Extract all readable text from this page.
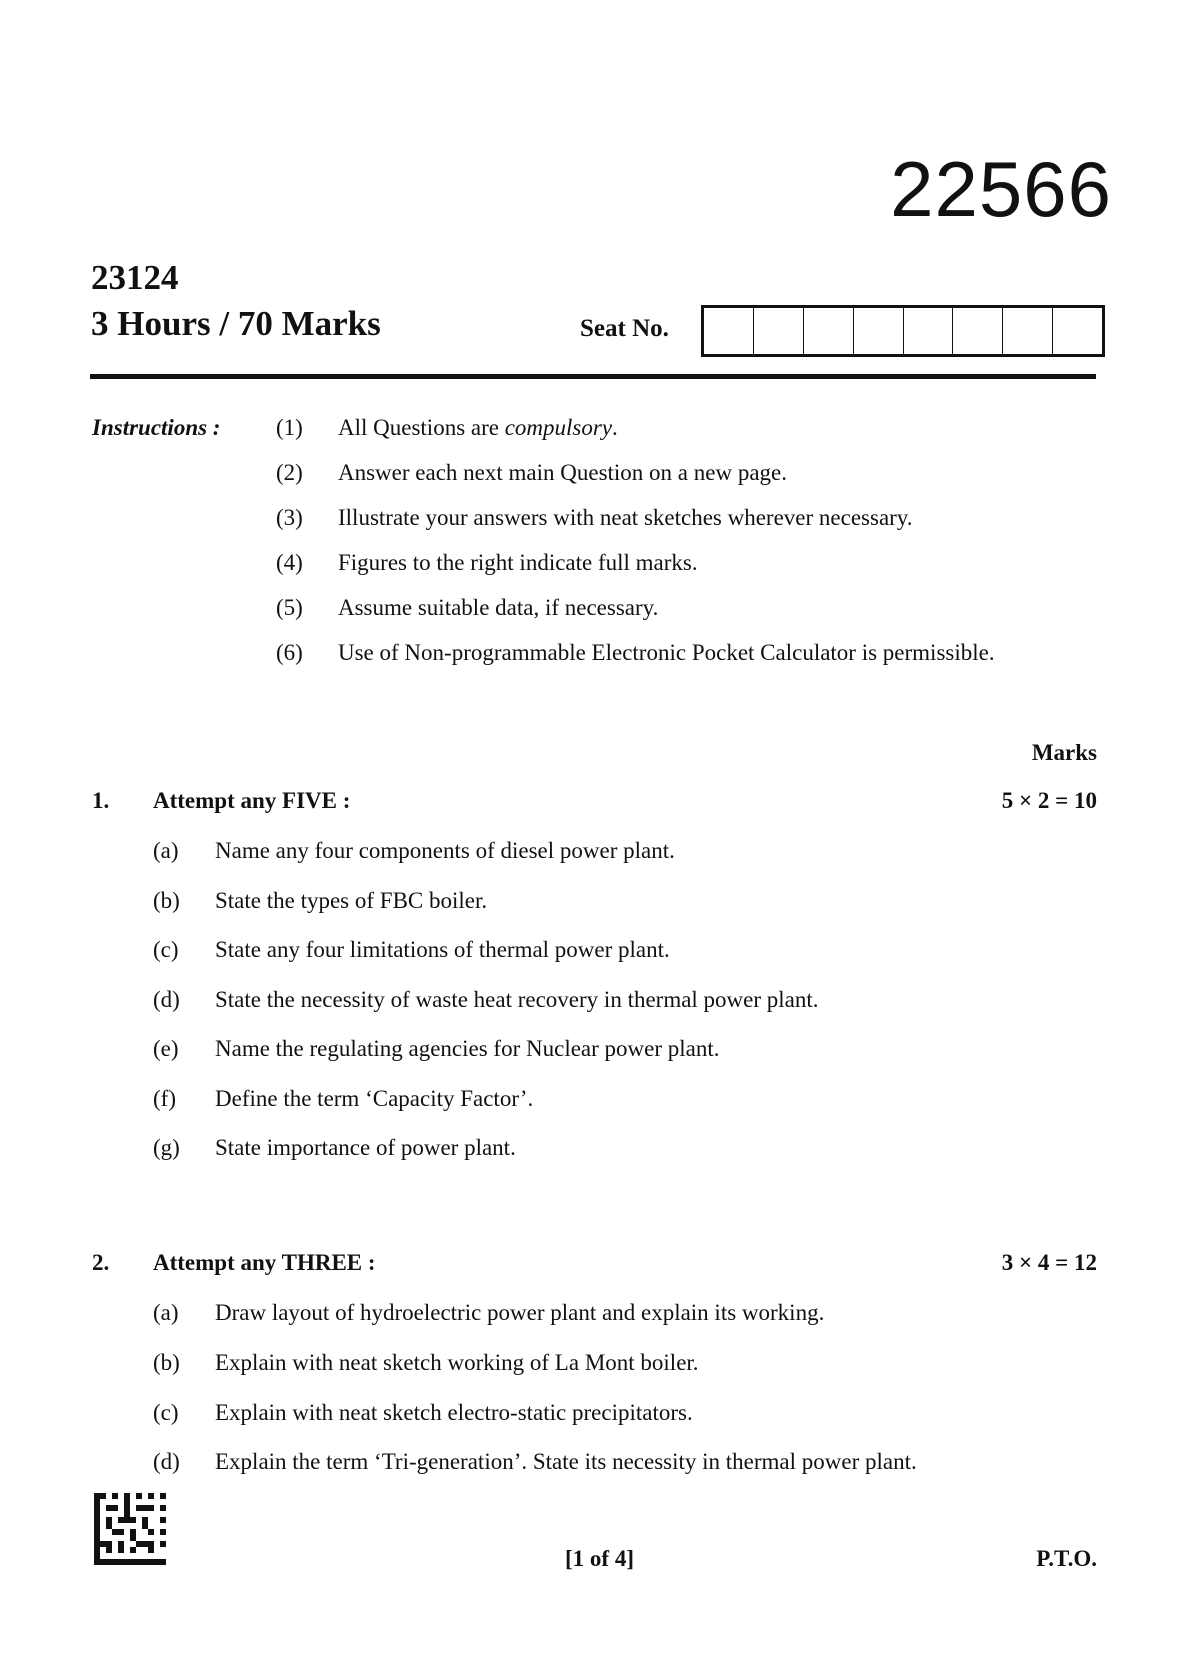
22566
23124
3 Hours / 70 Marks	Seat No.
Instructions : (1) All Questions are compulsory.
(2) Answer each next main Question on a new page.
(3) Illustrate your answers with neat sketches wherever necessary.
(4) Figures to the right indicate full marks.
(5) Assume suitable data, if necessary.
(6) Use of Non-programmable Electronic Pocket Calculator is permissible.
Marks
1. Attempt any FIVE :	5 × 2 = 10
(a) Name any four components of diesel power plant.
(b) State the types of FBC boiler.
(c) State any four limitations of thermal power plant.
(d) State the necessity of waste heat recovery in thermal power plant.
(e) Name the regulating agencies for Nuclear power plant.
(f) Define the term ‘Capacity Factor’.
(g) State importance of power plant.
2. Attempt any THREE :	3 × 4 = 12
(a) Draw layout of hydroelectric power plant and explain its working.
(b) Explain with neat sketch working of La Mont boiler.
(c) Explain with neat sketch electro-static precipitators.
(d) Explain the term ‘Tri-generation’. State its necessity in thermal power plant.
[1 of 4]	P.T.O.
